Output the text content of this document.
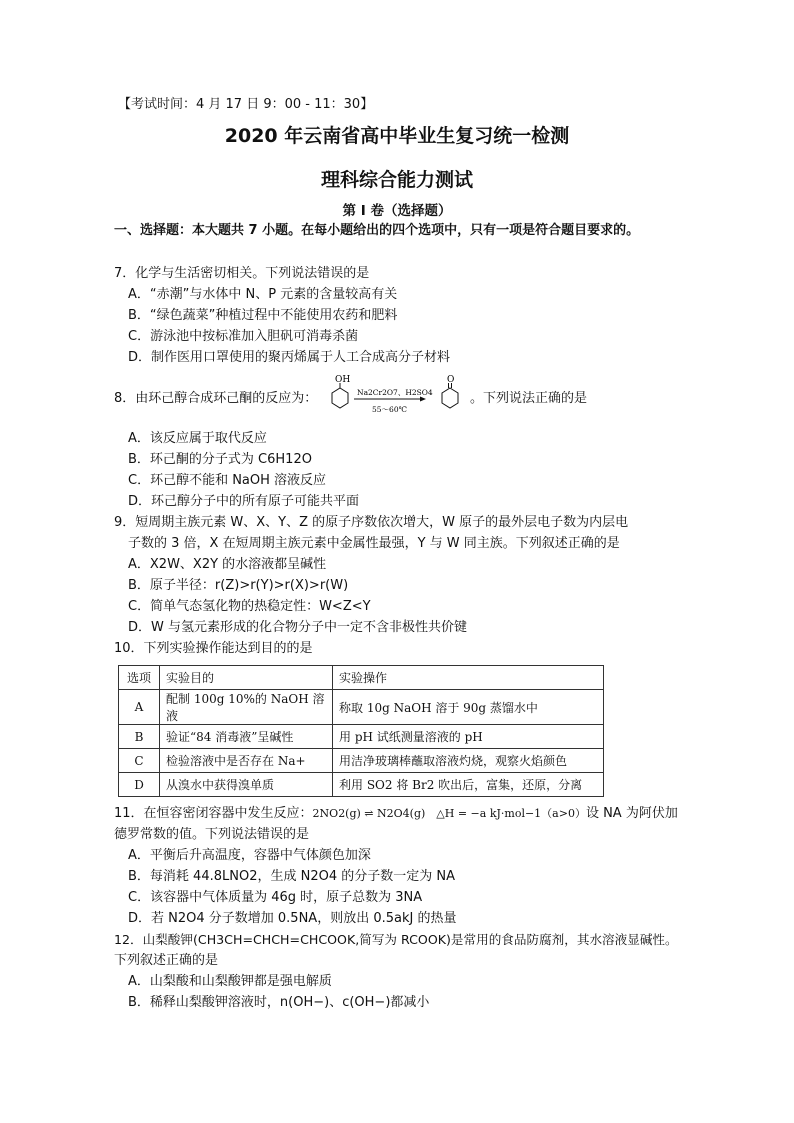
【考试时间：4 月 17 日 9：00 - 11：30】
2020 年云南省高中毕业生复习统一检测
理科综合能力测试
第 I 卷（选择题）
一、选择题：本大题共 7 小题。在每小题给出的四个选项中，只有一项是符合题目要求的。
7．化学与生活密切相关。下列说法错误的是
A．“赤潮”与水体中 N、P 元素的含量较高有关
B．“绿色蔬菜”种植过程中不能使用农药和肥料
C．游泳池中按标准加入胆矾可消毒杀菌
D．制作医用口罩使用的聚丙烯属于人工合成高分子材料
8．由环己醇合成环己酮的反应为：
OH
Na2Cr2O7、H2SO4
55～60℃
O
。下列说法正确的是
A．该反应属于取代反应
B．环己酮的分子式为 C6H12O
C．环己醇不能和 NaOH 溶液反应
D．环己醇分子中的所有原子可能共平面
9．短周期主族元素 W、X、Y、Z 的原子序数依次增大，W 原子的最外层电子数为内层电
子数的 3 倍，X 在短周期主族元素中金属性最强，Y 与 W 同主族。下列叙述正确的是
A．X2W、X2Y 的水溶液都呈碱性
B．原子半径：r(Z)>r(Y)>r(X)>r(W)
C．简单气态氢化物的热稳定性：W<Z<Y
D．W 与氢元素形成的化合物分子中一定不含非极性共价键
10．下列实验操作能达到目的的是
选项	实验目的	实验操作
A	配制 100g 10%的 NaOH 溶液	称取 10g NaOH 溶于 90g 蒸馏水中
B	验证“84 消毒液”呈碱性	用 pH 试纸测量溶液的 pH
C	检验溶液中是否存在 Na+	用洁净玻璃棒蘸取溶液灼烧，观察火焰颜色
D	从溴水中获得溴单质	利用 SO2 将 Br2 吹出后，富集，还原，分离
11．在恒容密闭容器中发生反应：2NO2(g) ⇌ N2O4(g)　△H = −a kJ·mol−1（a>0）设 NA 为阿伏加
德罗常数的值。下列说法错误的是
A．平衡后升高温度，容器中气体颜色加深
B．每消耗 44.8LNO2，生成 N2O4 的分子数一定为 NA
C．该容器中气体质量为 46g 时，原子总数为 3NA
D．若 N2O4 分子数增加 0.5NA，则放出 0.5akJ 的热量
12．山梨酸钾(CH3CH=CHCH=CHCOOK,简写为 RCOOK)是常用的食品防腐剂，其水溶液显碱性。
下列叙述正确的是
A．山梨酸和山梨酸钾都是强电解质
B．稀释山梨酸钾溶液时，n(OH−)、c(OH−)都减小
